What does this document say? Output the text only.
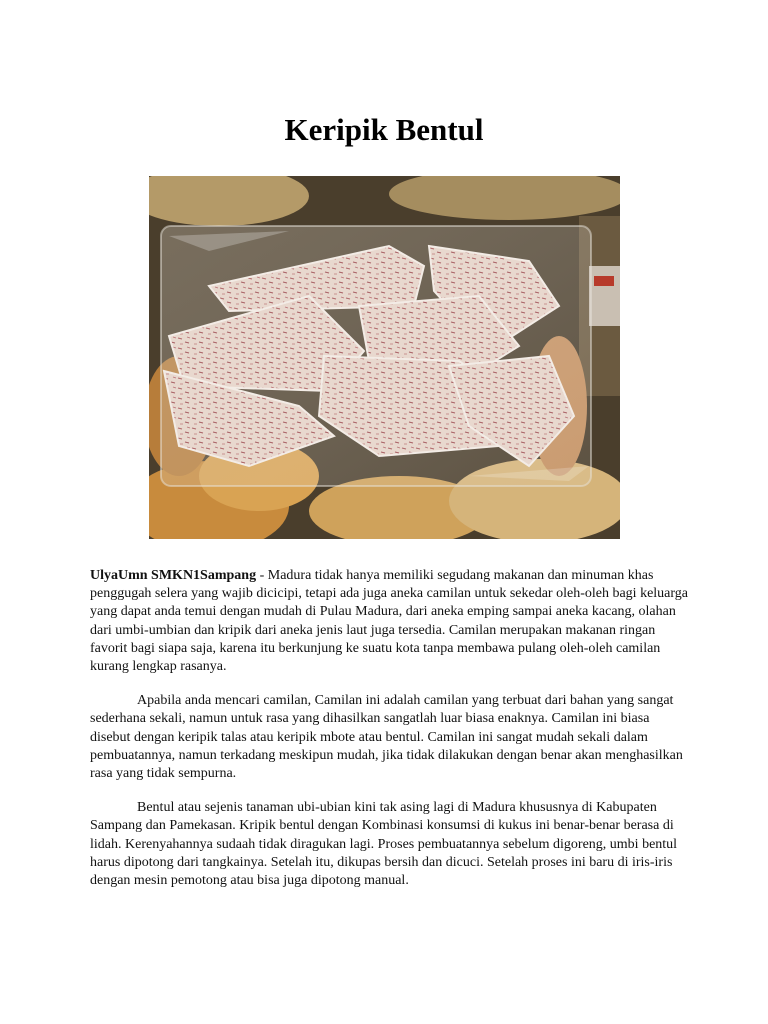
Keripik Bentul

UlyaUmn SMKN1Sampang - Madura tidak hanya memiliki segudang makanan dan minuman khas penggugah selera yang wajib dicicipi, tetapi ada juga aneka camilan untuk sekedar oleh-oleh bagi keluarga yang dapat anda temui dengan mudah di Pulau Madura, dari aneka emping sampai aneka kacang, olahan dari umbi-umbian dan kripik dari aneka jenis laut juga tersedia. Camilan merupakan makanan ringan favorit bagi siapa saja, karena itu berkunjung ke suatu kota tanpa membawa pulang oleh-oleh camilan kurang lengkap rasanya.

Apabila anda mencari camilan, Camilan ini adalah camilan yang terbuat dari bahan yang sangat sederhana sekali, namun untuk rasa yang dihasilkan sangatlah luar biasa enaknya. Camilan ini biasa disebut dengan keripik talas atau keripik mbote atau bentul. Camilan ini sangat mudah sekali dalam pembuatannya, namun terkadang meskipun mudah, jika tidak dilakukan dengan benar akan menghasilkan rasa yang tidak sempurna.

Bentul atau sejenis tanaman ubi-ubian kini tak asing lagi di Madura khususnya di Kabupaten Sampang dan Pamekasan. Kripik bentul dengan Kombinasi konsumsi di kukus ini benar-benar berasa di lidah. Kerenyahannya sudaah tidak diragukan lagi. Proses pembuatannya sebelum digoreng, umbi bentul harus dipotong dari tangkainya. Setelah itu, dikupas bersih dan dicuci. Setelah proses ini baru di iris-iris dengan mesin pemotong atau bisa juga dipotong manual.
